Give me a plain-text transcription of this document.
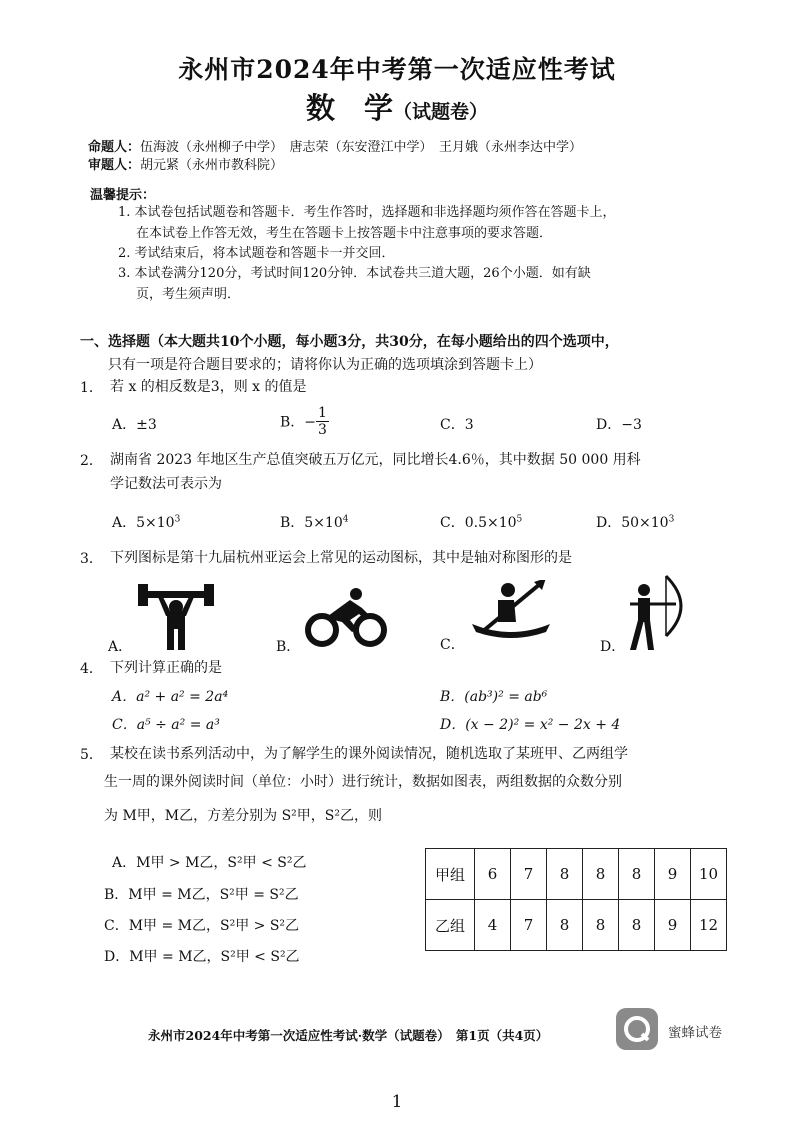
永州市2024年中考第一次适应性考试
数　学（试题卷）
命题人：伍海波（永州柳子中学）　唐志荣（东安澄江中学）　王月娥（永州李达中学）
审题人：胡元紧（永州市教科院）
温馨提示：
1. 本试卷包括试题卷和答题卡．考生作答时，选择题和非选择题均须作答在答题卡上，
在本试卷上作答无效，考生在答题卡上按答题卡中注意事项的要求答题．
2. 考试结束后，将本试题卷和答题卡一并交回．
3. 本试卷满分120分，考试时间120分钟．本试卷共三道大题，26个小题．如有缺
页，考生须声明．
一、选择题（本大题共10个小题，每小题3分，共30分，在每小题给出的四个选项中，
只有一项是符合题目要求的；请将你认为正确的选项填涂到答题卡上）
1． 若 x 的相反数是3，则 x 的值是
A．±3	B．− $\frac{1}{3}$	C．3	D．−3
2． 湖南省 2023 年地区生产总值突破五万亿元，同比增长4.6％，其中数据 50 000 用科
学记数法可表示为
A．$5\times 10^3$	B．$5\times 10^4$	C．$0.5\times 10^5$	D．$50\times 10^3$
3． 下列图标是第十九届杭州亚运会上常见的运动图标，其中是轴对称图形的是
A．	B．	C．	D．
4． 下列计算正确的是
A．a² + a² = 2a⁴	B．(ab³)² = ab⁶
C．a⁵ ÷ a² = a³	D．(x − 2)² = x² − 2x + 4
5． 某校在读书系列活动中，为了解学生的课外阅读情况，随机选取了某班甲、乙两组学
生一周的课外阅读时间（单位：小时）进行统计，数据如图表，两组数据的众数分别
为 M甲，M乙，方差分别为 S²甲，S²乙，则
A．M甲 > M乙，S²甲 < S²乙
B．M甲 = M乙，S²甲 = S²乙
C．M甲 = M乙，S²甲 > S²乙
D．M甲 = M乙，S²甲 < S²乙
甲组	6	7	8	8	8	9	10
乙组	4	7	8	8	8	9	12
永州市2024年中考第一次适应性考试·数学（试题卷）　第1页（共4页）	蜜蜂试卷
1
